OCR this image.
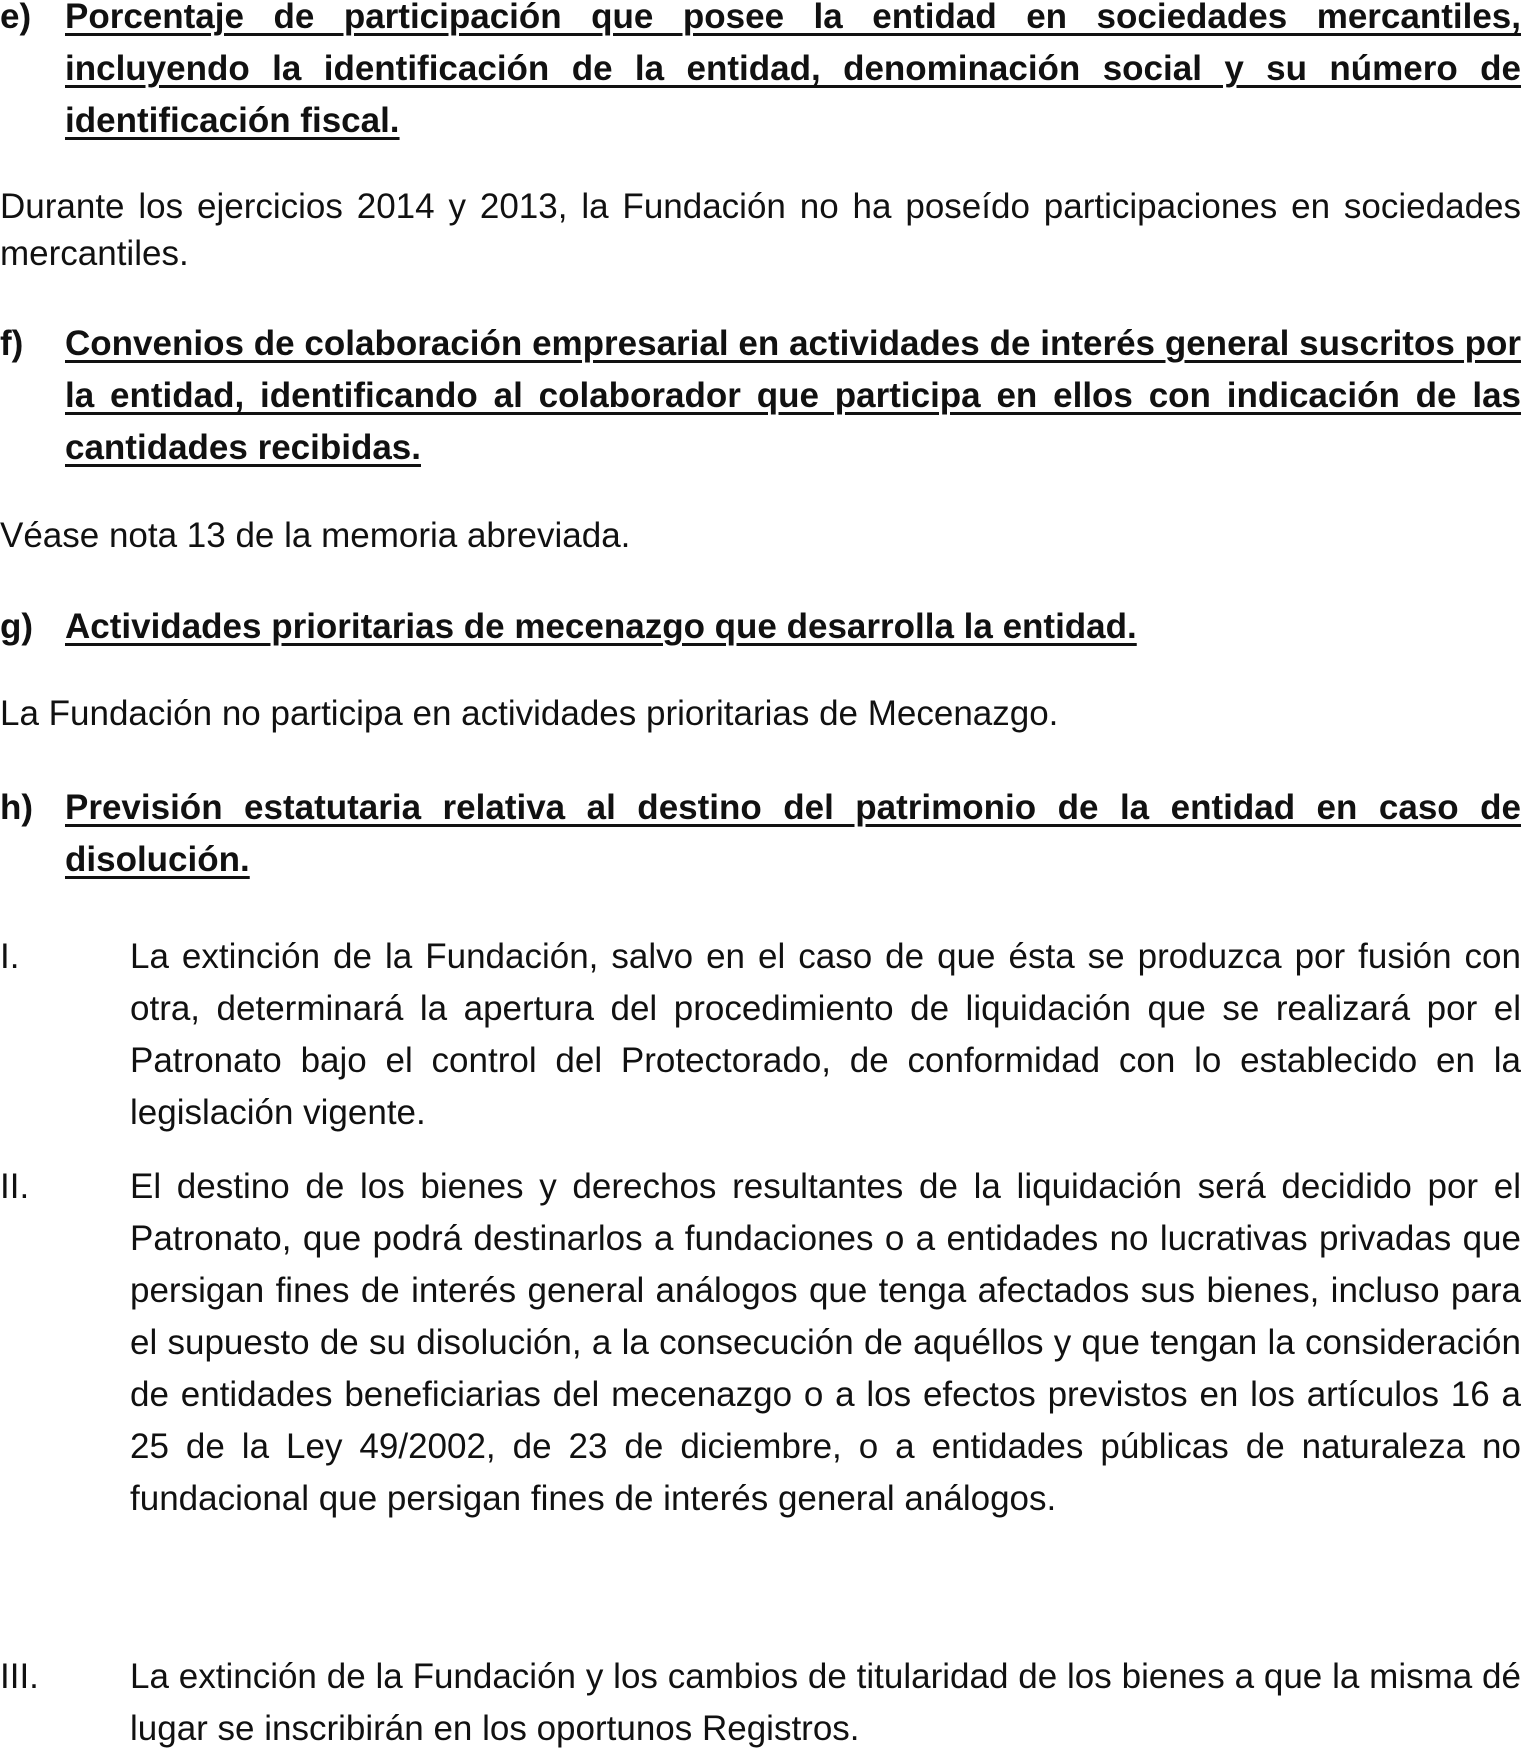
e) Porcentaje de participación que posee la entidad en sociedades mercantiles, incluyendo la identificación de la entidad, denominación social y su número de identificación fiscal.
Durante los ejercicios 2014 y 2013, la Fundación no ha poseído participaciones en sociedades mercantiles.
f)	Convenios de colaboración empresarial en actividades de interés general suscritos por la entidad, identificando al colaborador que participa en ellos con indicación de las cantidades recibidas.
Véase nota 13 de la memoria abreviada.
g) Actividades prioritarias de mecenazgo que desarrolla la entidad.
La Fundación no participa en actividades prioritarias de Mecenazgo.
h) Previsión estatutaria relativa al destino del patrimonio de la entidad en caso de disolución.
I.	La extinción de la Fundación, salvo en el caso de que ésta se produzca por fusión con otra, determinará la apertura del procedimiento de liquidación que se realizará por el Patronato bajo el control del Protectorado, de conformidad con lo establecido en la legislación vigente.
II.	El destino de los bienes y derechos resultantes de la liquidación será decidido por el Patronato, que podrá destinarlos a fundaciones o a entidades no lucrativas privadas que persigan fines de interés general análogos que tenga afectados sus bienes, incluso para el supuesto de su disolución, a la consecución de aquéllos y que tengan la consideración de entidades beneficiarias del mecenazgo o a los efectos previstos en los artículos 16 a 25 de la Ley 49/2002, de 23 de diciembre, o a entidades públicas de naturaleza no fundacional que persigan fines de interés general análogos.
III.	La extinción de la Fundación y los cambios de titularidad de los bienes a que la misma dé lugar se inscribirán en los oportunos Registros.
